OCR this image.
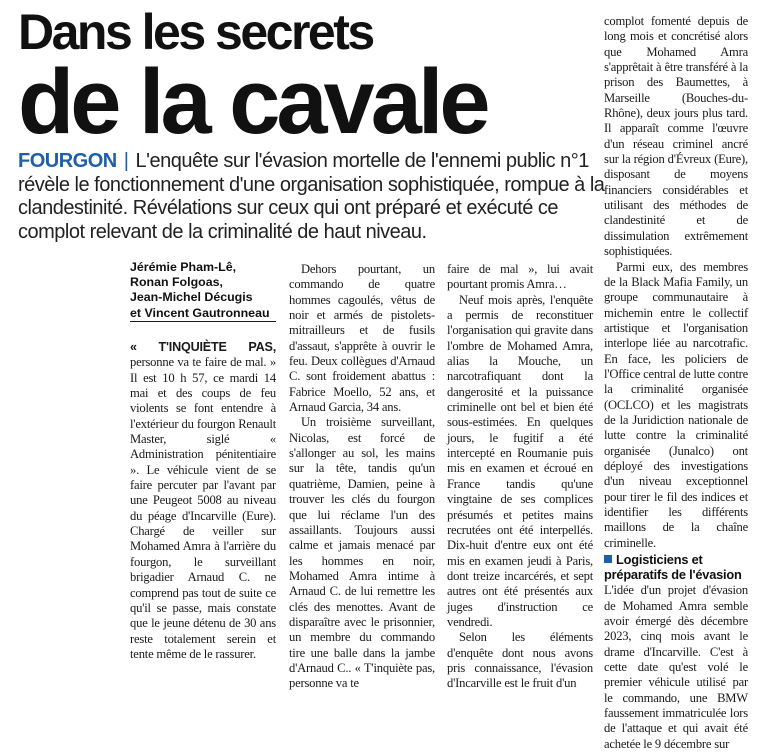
Dans les secrets
de la cavale

FOURGON | L'enquête sur l'évasion mortelle de l'ennemi public n°1 révèle le fonctionnement d'une organisation sophistiquée, rompue à la clandestinité. Révélations sur ceux qui ont préparé et exécuté ce complot relevant de la criminalité de haut niveau.

Jérémie Pham-Lê,
Ronan Folgoas,
Jean-Michel Décugis
et Vincent Gautronneau

« T'INQUIÈTE PAS, personne va te faire de mal. » Il est 10 h 57, ce mardi 14 mai et des coups de feu violents se font entendre à l'extérieur du fourgon Renault Master, siglé « Administration pénitentiaire ». Le véhicule vient de se faire percuter par l'avant par une Peugeot 5008 au niveau du péage d'Incarville (Eure). Chargé de veiller sur Mohamed Amra à l'arrière du fourgon, le surveillant brigadier Arnaud C. ne comprend pas tout de suite ce qu'il se passe, mais constate que le jeune détenu de 30 ans reste totalement serein et tente même de le rassurer.

Dehors pourtant, un commando de quatre hommes cagoulés, vêtus de noir et armés de pistolets-mitrailleurs et de fusils d'assaut, s'apprête à ouvrir le feu. Deux collègues d'Arnaud C. sont froidement abattus : Fabrice Moello, 52 ans, et Arnaud Garcia, 34 ans.

Un troisième surveillant, Nicolas, est forcé de s'allonger au sol, les mains sur la tête, tandis qu'un quatrième, Damien, peine à trouver les clés du fourgon que lui réclame l'un des assaillants. Toujours aussi calme et jamais menacé par les hommes en noir, Mohamed Amra intime à Arnaud C. de lui remettre les clés des menottes. Avant de disparaître avec le prisonnier, un membre du commando tire une balle dans la jambe d'Arnaud C.. « T'inquiète pas, personne va te

faire de mal », lui avait pourtant promis Amra…

Neuf mois après, l'enquête a permis de reconstituer l'organisation qui gravite dans l'ombre de Mohamed Amra, alias la Mouche, un narcotrafiquant dont la dangerosité et la puissance criminelle ont bel et bien été sous-estimées. En quelques jours, le fugitif a été intercepté en Roumanie puis mis en examen et écroué en France tandis qu'une vingtaine de ses complices présumés et petites mains recrutées ont été interpellés. Dix-huit d'entre eux ont été mis en examen jeudi à Paris, dont treize incarcérés, et sept autres ont été présentés aux juges d'instruction ce vendredi.

Selon les éléments d'enquête dont nous avons pris connaissance, l'évasion d'Incarville est le fruit d'un

complot fomenté depuis de long mois et concrétisé alors que Mohamed Amra s'apprêtait à être transféré à la prison des Baumettes, à Marseille (Bouches-du-Rhône), deux jours plus tard. Il apparaît comme l'œuvre d'un réseau criminel ancré sur la région d'Évreux (Eure), disposant de moyens financiers considérables et utilisant des méthodes de clandestinité et de dissimulation extrêmement sophistiquées.

Parmi eux, des membres de la Black Mafia Family, un groupe communautaire à michemin entre le collectif artistique et l'organisation interlope liée au narcotrafic. En face, les policiers de l'Office central de lutte contre la criminalité organisée (OCLCO) et les magistrats de la Juridiction nationale de lutte contre la criminalité organisée (Junalco) ont déployé des investigations d'un niveau exceptionnel pour tirer le fil des indices et identifier les différents maillons de la chaîne criminelle.

Logisticiens et préparatifs de l'évasion

L'idée d'un projet d'évasion de Mohamed Amra semble avoir émergé dès décembre 2023, cinq mois avant le drame d'Incarville. C'est à cette date qu'est volé le premier véhicule utilisé par le commando, une BMW faussement immatriculée lors de l'attaque et qui avait été achetée le 9 décembre sur
